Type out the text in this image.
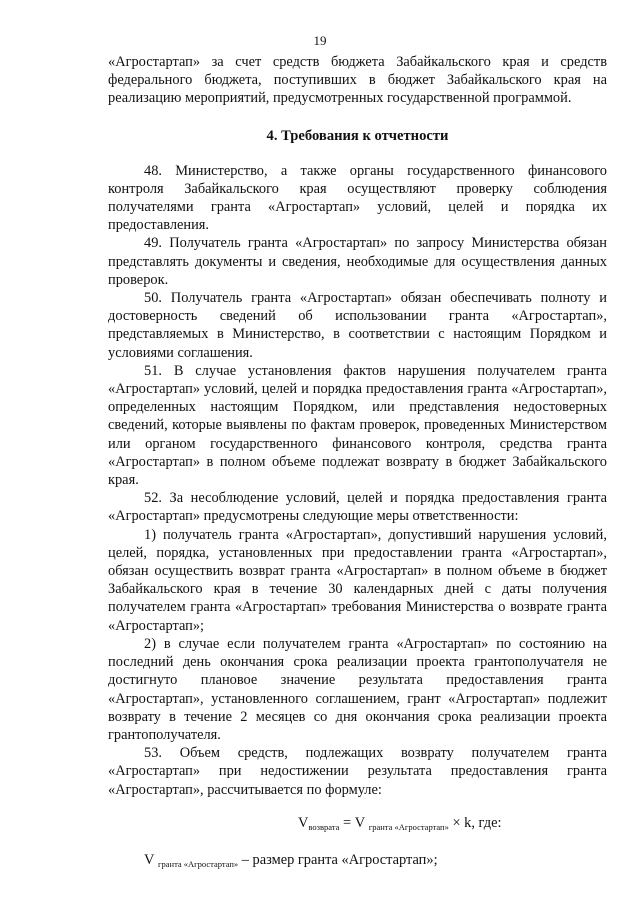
19

«Агростартап» за счет средств бюджета Забайкальского края и средств федерального бюджета, поступивших в бюджет Забайкальского края на реализацию мероприятий, предусмотренных государственной программой.

4. Требования к отчетности

48. Министерство, а также органы государственного финансового контроля Забайкальского края осуществляют проверку соблюдения получателями гранта «Агростартап» условий, целей и порядка их предоставления.

49. Получатель гранта «Агростартап» по запросу Министерства обязан представлять документы и сведения, необходимые для осуществления данных проверок.

50. Получатель гранта «Агростартап» обязан обеспечивать полноту и достоверность сведений об использовании гранта «Агростартап», представляемых в Министерство, в соответствии с настоящим Порядком и условиями соглашения.

51. В случае установления фактов нарушения получателем гранта «Агростартап» условий, целей и порядка предоставления гранта «Агростартап», определенных настоящим Порядком, или представления недостоверных сведений, которые выявлены по фактам проверок, проведенных Министерством или органом государственного финансового контроля, средства гранта «Агростартап» в полном объеме подлежат возврату в бюджет Забайкальского края.

52. За несоблюдение условий, целей и порядка предоставления гранта «Агростартап» предусмотрены следующие меры ответственности:

1) получатель гранта «Агростартап», допустивший нарушения условий, целей, порядка, установленных при предоставлении гранта «Агростартап», обязан осуществить возврат гранта «Агростартап» в полном объеме в бюджет Забайкальского края в течение 30 календарных дней с даты получения получателем гранта «Агростартап» требования Министерства о возврате гранта «Агростартап»;

2) в случае если получателем гранта «Агростартап» по состоянию на последний день окончания срока реализации проекта грантополучателя не достигнуто плановое значение результата предоставления гранта «Агростартап», установленного соглашением, грант «Агростартап» подлежит возврату в течение 2 месяцев со дня окончания срока реализации проекта грантополучателя.

53. Объем средств, подлежащих возврату получателем гранта «Агростартап» при недостижении результата предоставления гранта «Агростартап», рассчитывается по формуле:

$V_{возврата} = V$ $_{гранта «Агростартап»}$ × k, где:

V $_{гранта «Агростартап»}$ – размер гранта «Агростартап»;
